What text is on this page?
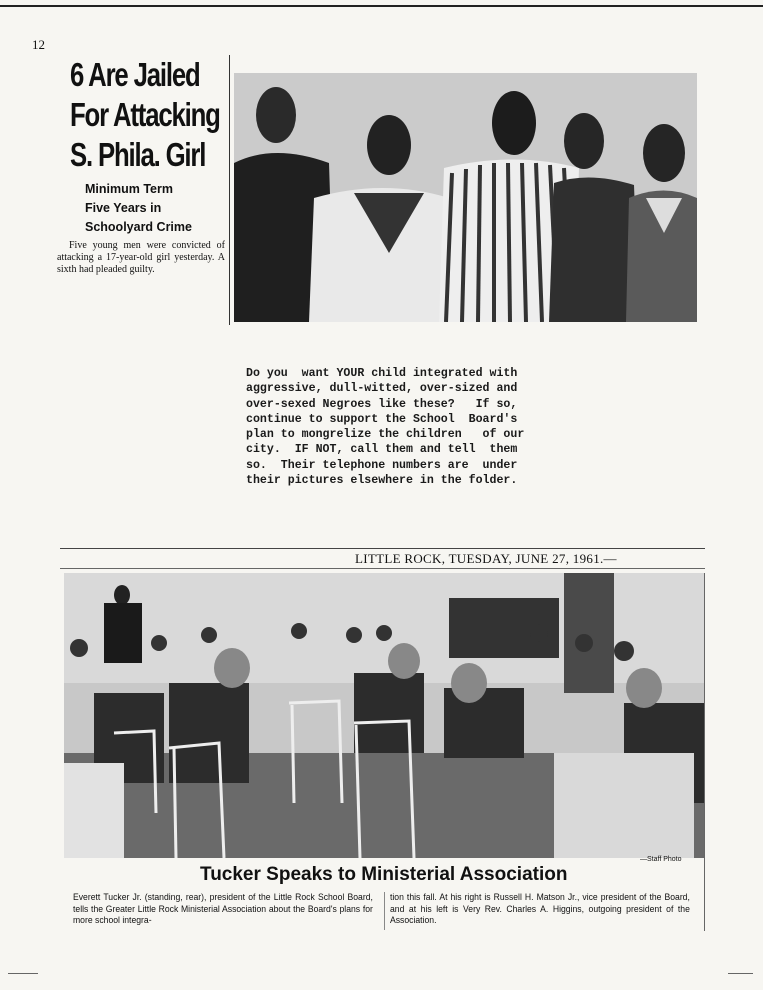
12
6 Are Jailed
For Attacking
S. Phila. Girl
Minimum Term
Five Years in
Schoolyard Crime
Five young men were convicted of attacking a 17-year-old girl yesterday. A sixth had pleaded guilty.
Do you  want YOUR child integrated with
aggressive, dull-witted, over-sized and
over-sexed Negroes like these?   If so,
continue to support the School  Board's
plan to mongrelize the children   of our
city.  IF NOT, call them and tell  them
so.  Their telephone numbers are  under
their pictures elsewhere in the folder.
LITTLE ROCK, TUESDAY, JUNE 27, 1961.—
—Staff Photo
Tucker Speaks to Ministerial Association
Everett Tucker Jr. (standing, rear), president of the Little Rock School Board, tells the Greater Little Rock Ministerial Association about the Board's plans for more school integra-
tion this fall. At his right is Russell H. Matson Jr., vice president of the Board, and at his left is Very Rev. Charles A. Higgins, outgoing president of the Association.
